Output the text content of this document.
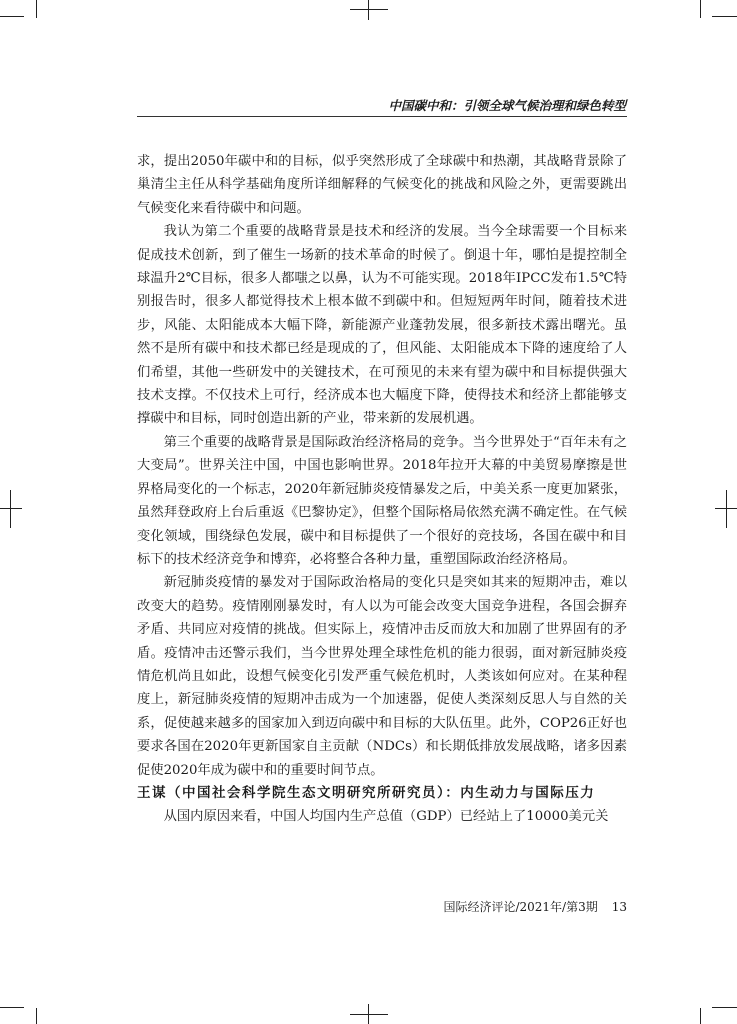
中国碳中和：引领全球气候治理和绿色转型

求，提出2050年碳中和的目标，似乎突然形成了全球碳中和热潮，其战略背景除了巢清尘主任从科学基础角度所详细解释的气候变化的挑战和风险之外，更需要跳出气候变化来看待碳中和问题。

我认为第二个重要的战略背景是技术和经济的发展。当今全球需要一个目标来促成技术创新，到了催生一场新的技术革命的时候了。倒退十年，哪怕是提控制全球温升2℃目标，很多人都嗤之以鼻，认为不可能实现。2018年IPCC发布1.5℃特别报告时，很多人都觉得技术上根本做不到碳中和。但短短两年时间，随着技术进步，风能、太阳能成本大幅下降，新能源产业蓬勃发展，很多新技术露出曙光。虽然不是所有碳中和技术都已经是现成的了，但风能、太阳能成本下降的速度给了人们希望，其他一些研发中的关键技术，在可预见的未来有望为碳中和目标提供强大技术支撑。不仅技术上可行，经济成本也大幅度下降，使得技术和经济上都能够支撑碳中和目标，同时创造出新的产业，带来新的发展机遇。

第三个重要的战略背景是国际政治经济格局的竞争。当今世界处于“百年未有之大变局”。世界关注中国，中国也影响世界。2018年拉开大幕的中美贸易摩擦是世界格局变化的一个标志，2020年新冠肺炎疫情暴发之后，中美关系一度更加紧张，虽然拜登政府上台后重返《巴黎协定》，但整个国际格局依然充满不确定性。在气候变化领域，围绕绿色发展，碳中和目标提供了一个很好的竞技场，各国在碳中和目标下的技术经济竞争和博弈，必将整合各种力量，重塑国际政治经济格局。

新冠肺炎疫情的暴发对于国际政治格局的变化只是突如其来的短期冲击，难以改变大的趋势。疫情刚刚暴发时，有人以为可能会改变大国竞争进程，各国会摒弃矛盾、共同应对疫情的挑战。但实际上，疫情冲击反而放大和加剧了世界固有的矛盾。疫情冲击还警示我们，当今世界处理全球性危机的能力很弱，面对新冠肺炎疫情危机尚且如此，设想气候变化引发严重气候危机时，人类该如何应对。在某种程度上，新冠肺炎疫情的短期冲击成为一个加速器，促使人类深刻反思人与自然的关系，促使越来越多的国家加入到迈向碳中和目标的大队伍里。此外，COP26正好也要求各国在2020年更新国家自主贡献（NDCs）和长期低排放发展战略，诸多因素促使2020年成为碳中和的重要时间节点。

王谋（中国社会科学院生态文明研究所研究员）：内生动力与国际压力

从国内原因来看，中国人均国内生产总值（GDP）已经站上了10000美元关

国际经济评论/2021年/第3期 13
